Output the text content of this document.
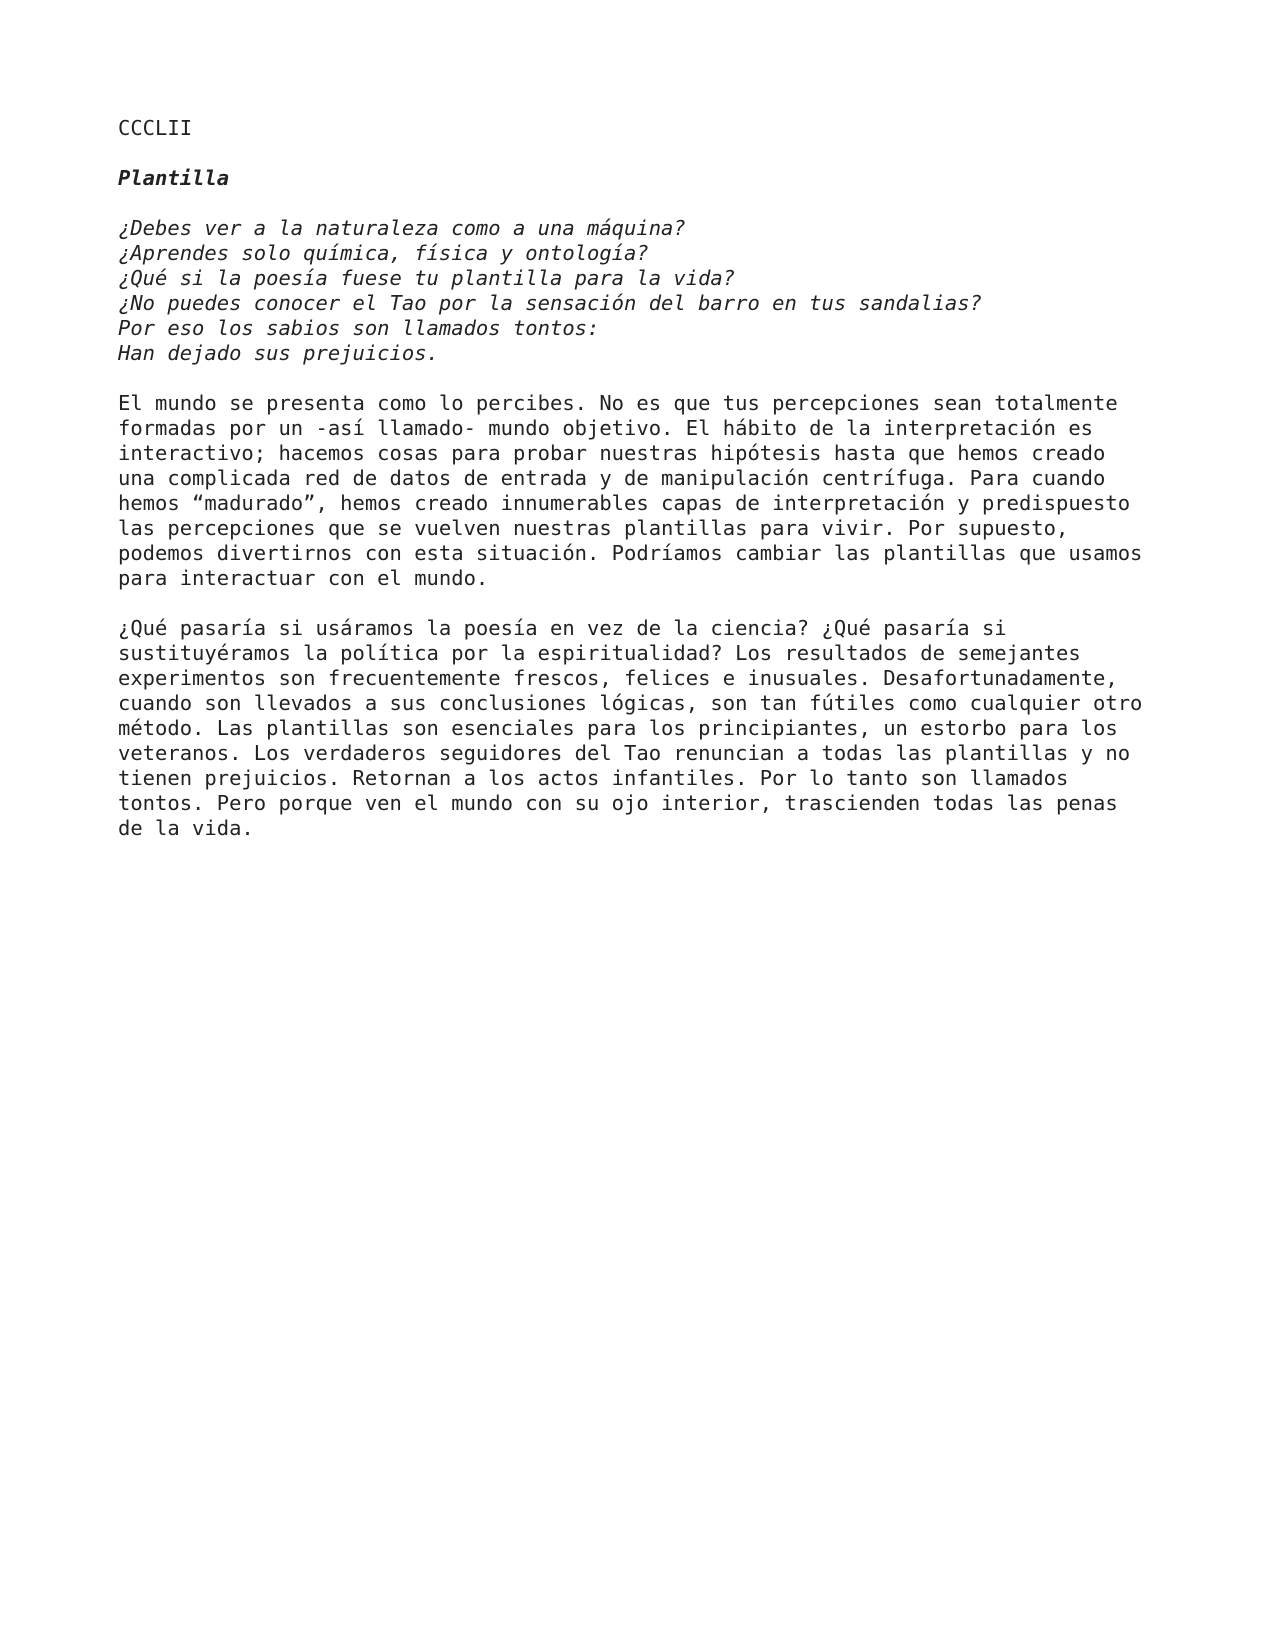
CCCLII
Plantilla
¿Debes ver a la naturaleza como a una máquina?
¿Aprendes solo química, física y ontología?
¿Qué si la poesía fuese tu plantilla para la vida?
¿No puedes conocer el Tao por la sensación del barro en tus sandalias?
Por eso los sabios son llamados tontos:
Han dejado sus prejuicios.
El mundo se presenta como lo percibes. No es que tus percepciones sean totalmente
formadas por un -así llamado- mundo objetivo. El hábito de la interpretación es
interactivo; hacemos cosas para probar nuestras hipótesis hasta que hemos creado
una complicada red de datos de entrada y de manipulación centrífuga. Para cuando
hemos “madurado”, hemos creado innumerables capas de interpretación y predispuesto
las percepciones que se vuelven nuestras plantillas para vivir. Por supuesto,
podemos divertirnos con esta situación. Podríamos cambiar las plantillas que usamos
para interactuar con el mundo.
¿Qué pasaría si usáramos la poesía en vez de la ciencia? ¿Qué pasaría si
sustituyéramos la política por la espiritualidad? Los resultados de semejantes
experimentos son frecuentemente frescos, felices e inusuales. Desafortunadamente,
cuando son llevados a sus conclusiones lógicas, son tan fútiles como cualquier otro
método. Las plantillas son esenciales para los principiantes, un estorbo para los
veteranos. Los verdaderos seguidores del Tao renuncian a todas las plantillas y no
tienen prejuicios. Retornan a los actos infantiles. Por lo tanto son llamados
tontos. Pero porque ven el mundo con su ojo interior, trascienden todas las penas
de la vida.
